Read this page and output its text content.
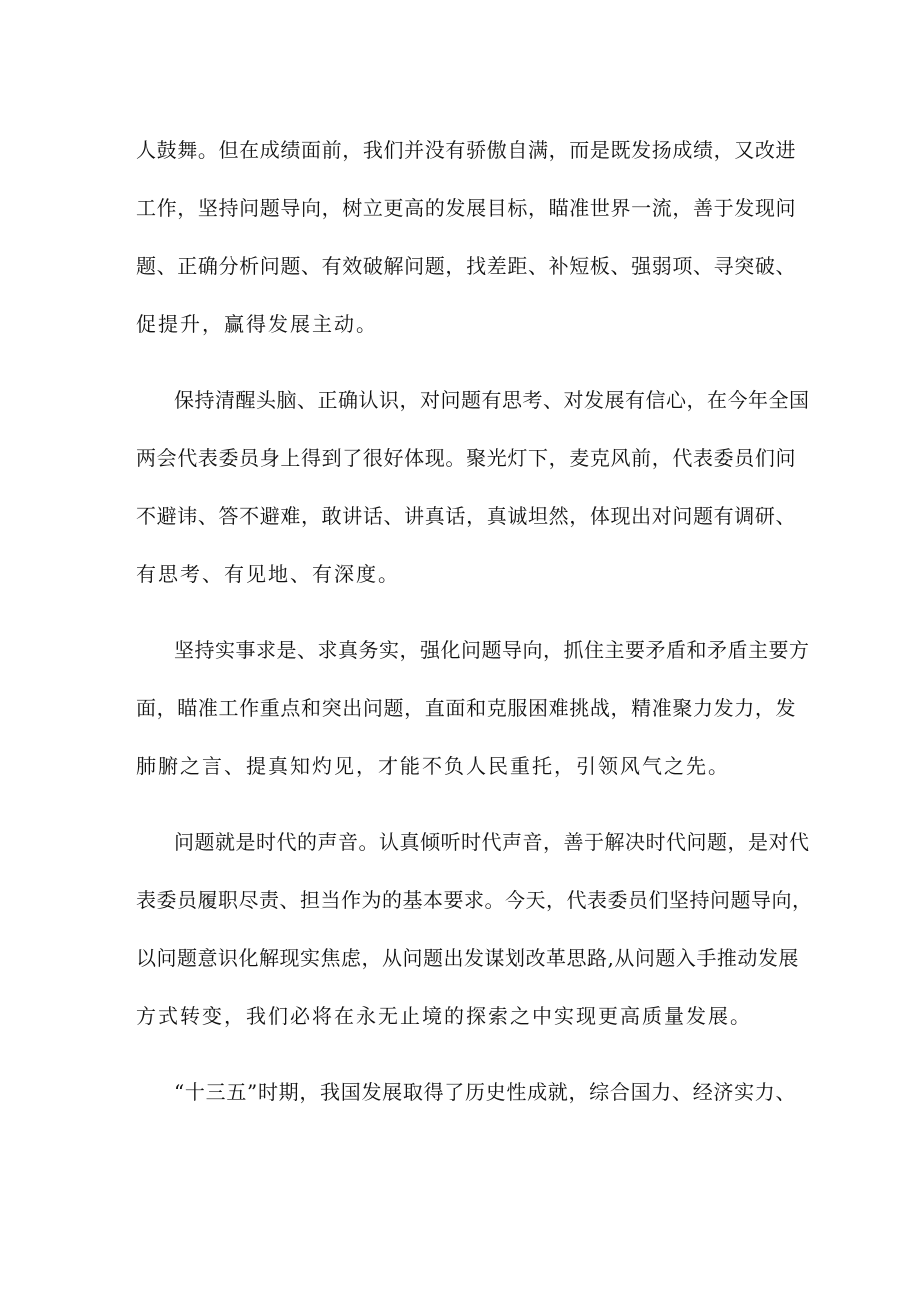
人鼓舞。但在成绩面前，我们并没有骄傲自满，而是既发扬成绩，又改进
工作，坚持问题导向，树立更高的发展目标，瞄准世界一流，善于发现问
题、正确分析问题、有效破解问题，找差距、补短板、强弱项、寻突破、
促提升，赢得发展主动。
保持清醒头脑、正确认识，对问题有思考、对发展有信心，在今年全国
两会代表委员身上得到了很好体现。聚光灯下，麦克风前，代表委员们问
不避讳、答不避难，敢讲话、讲真话，真诚坦然，体现出对问题有调研、
有思考、有见地、有深度。
坚持实事求是、求真务实，强化问题导向，抓住主要矛盾和矛盾主要方
面，瞄准工作重点和突出问题，直面和克服困难挑战，精准聚力发力，发
肺腑之言、提真知灼见，才能不负人民重托，引领风气之先。
问题就是时代的声音。认真倾听时代声音，善于解决时代问题，是对代
表委员履职尽责、担当作为的基本要求。今天，代表委员们坚持问题导向，
以问题意识化解现实焦虑，从问题出发谋划改革思路,从问题入手推动发展
方式转变，我们必将在永无止境的探索之中实现更高质量发展。
“十三五”时期，我国发展取得了历史性成就，综合国力、经济实力、
